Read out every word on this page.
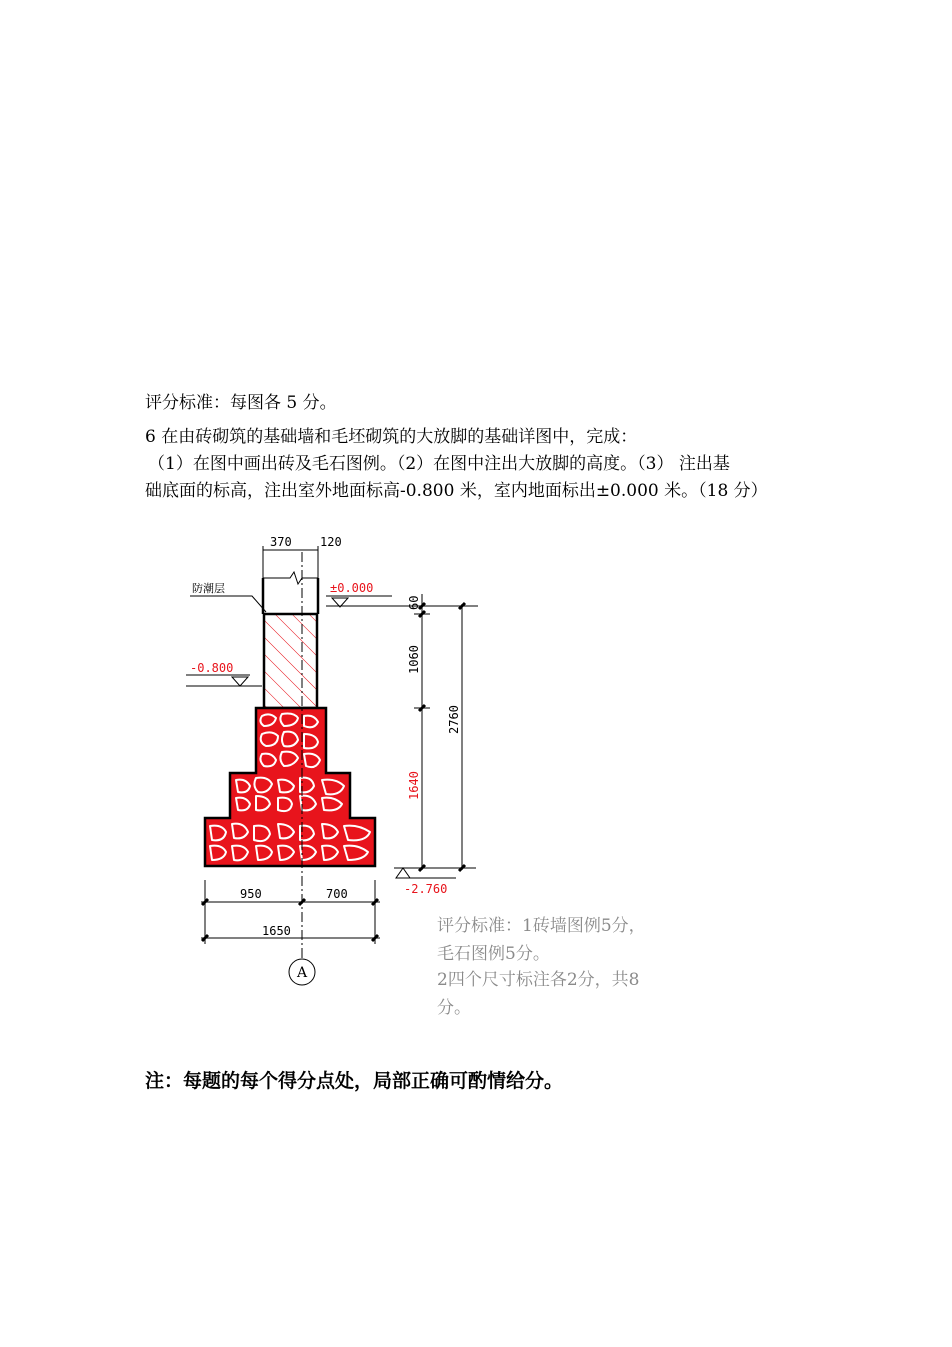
评分标准：每图各 5 分。
6 在由砖砌筑的基础墙和毛坯砌筑的大放脚的基础详图中，完成：
（1）在图中画出砖及毛石图例。（2）在图中注出大放脚的高度。（3） 注出基
础底面的标高，注出室外地面标高-0.800 米，室内地面标出±0.000 米。（18 分）
370 120
防潮层	±0.000
-0.800
60
1060
1640
2760
-2.760
950	700
1650
A
评分标准：1砖墙图例5分，
毛石图例5分。
2四个尺寸标注各2分，共8
分。
注：每题的每个得分点处，局部正确可酌情给分。
